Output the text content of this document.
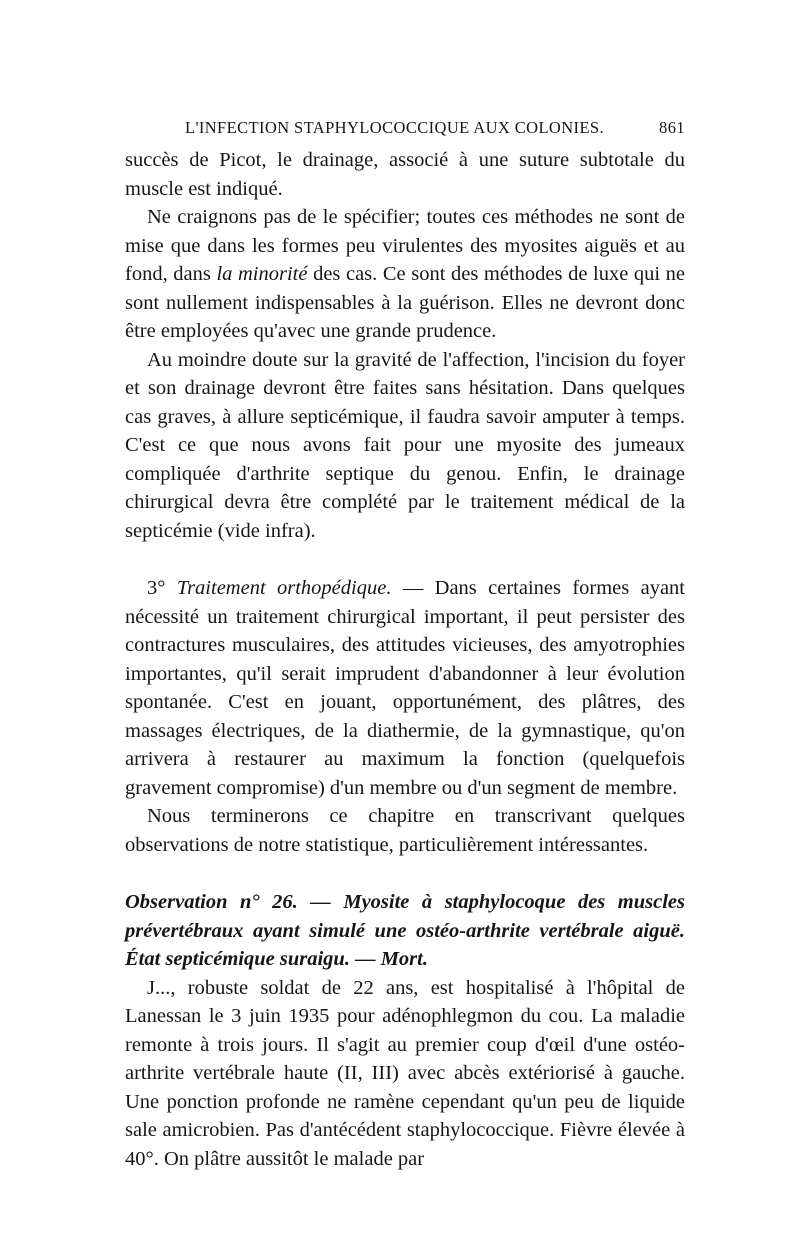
L'INFECTION STAPHYLOCOCCIQUE AUX COLONIES.	861

succès de Picot, le drainage, associé à une suture subtotale du muscle est indiqué.

Ne craignons pas de le spécifier; toutes ces méthodes ne sont de mise que dans les formes peu virulentes des myosites aiguës et au fond, dans la minorité des cas. Ce sont des méthodes de luxe qui ne sont nullement indispensables à la guérison. Elles ne devront donc être employées qu'avec une grande prudence.

Au moindre doute sur la gravité de l'affection, l'incision du foyer et son drainage devront être faites sans hésitation. Dans quelques cas graves, à allure septicémique, il faudra savoir amputer à temps. C'est ce que nous avons fait pour une myosite des jumeaux compliquée d'arthrite septique du genou. Enfin, le drainage chirurgical devra être complété par le traitement médical de la septicémie (vide infra).

3° Traitement orthopédique. — Dans certaines formes ayant nécessité un traitement chirurgical important, il peut persister des contractures musculaires, des attitudes vicieuses, des amyotrophies importantes, qu'il serait imprudent d'abandonner à leur évolution spontanée. C'est en jouant, opportunément, des plâtres, des massages électriques, de la diathermie, de la gymnastique, qu'on arrivera à restaurer au maximum la fonction (quelquefois gravement compromise) d'un membre ou d'un segment de membre.

Nous terminerons ce chapitre en transcrivant quelques observations de notre statistique, particulièrement intéressantes.

Observation n° 26. — Myosite à staphylocoque des muscles prévertébraux ayant simulé une ostéo-arthrite vertébrale aiguë. État septicémique suraigu. — Mort.

J..., robuste soldat de 22 ans, est hospitalisé à l'hôpital de Lanessan le 3 juin 1935 pour adénophlegmon du cou. La maladie remonte à trois jours. Il s'agit au premier coup d'œil d'une ostéo-arthrite vertébrale haute (II, III) avec abcès extériorisé à gauche. Une ponction profonde ne ramène cependant qu'un peu de liquide sale amicrobien. Pas d'antécédent staphylococcique. Fièvre élevée à 40°. On plâtre aussitôt le malade par
